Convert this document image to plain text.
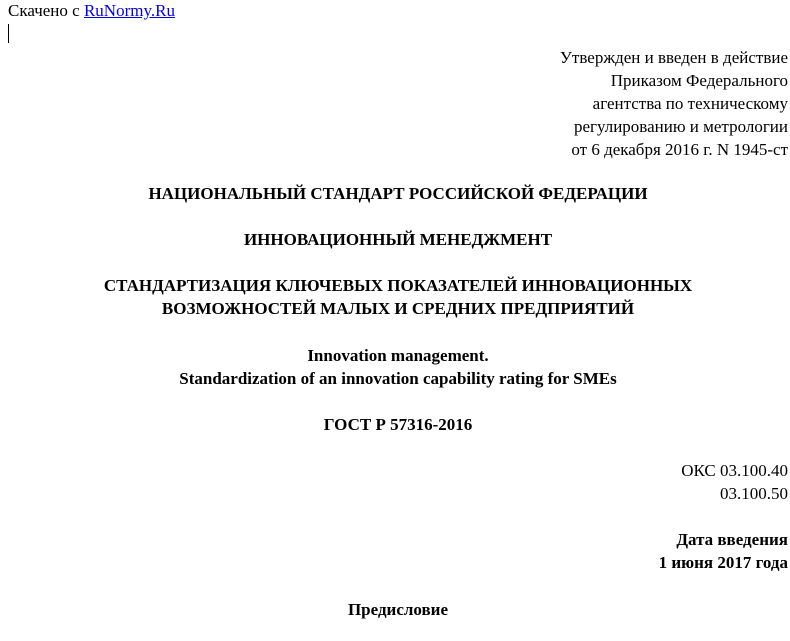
Скачено с RuNormy.Ru
Утвержден и введен в действие
Приказом Федерального
агентства по техническому
регулированию и метрологии
от 6 декабря 2016 г. N 1945-ст
НАЦИОНАЛЬНЫЙ СТАНДАРТ РОССИЙСКОЙ ФЕДЕРАЦИИ
ИННОВАЦИОННЫЙ МЕНЕДЖМЕНТ
СТАНДАРТИЗАЦИЯ КЛЮЧЕВЫХ ПОКАЗАТЕЛЕЙ ИННОВАЦИОННЫХ
ВОЗМОЖНОСТЕЙ МАЛЫХ И СРЕДНИХ ПРЕДПРИЯТИЙ
Innovation management.
Standardization of an innovation capability rating for SMEs
ГОСТ Р 57316-2016
ОКС 03.100.40
03.100.50
Дата введения
1 июня 2017 года
Предисловие
